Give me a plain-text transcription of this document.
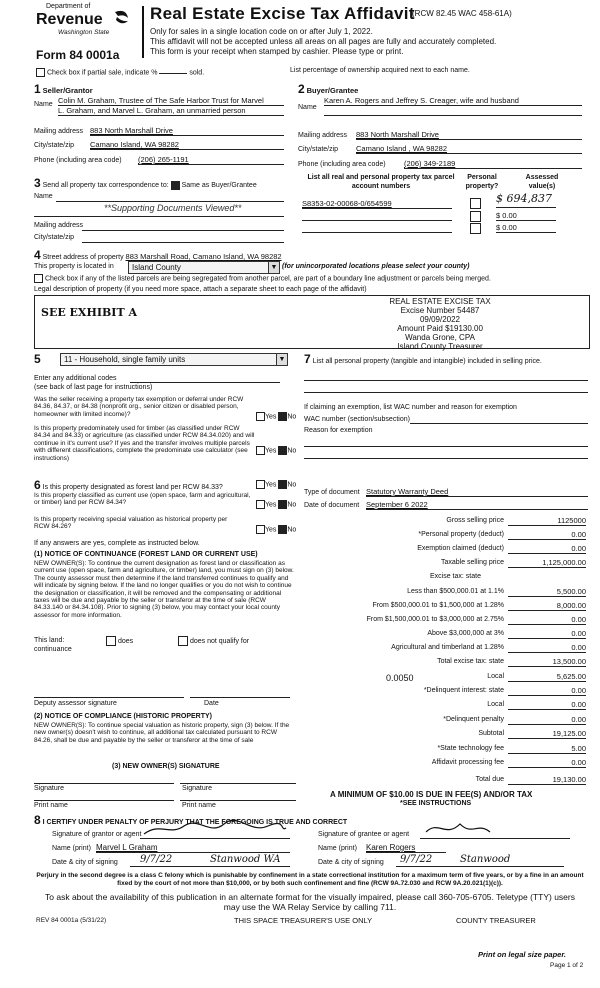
Department of
Revenue
Washington State
Form 84 0001a
Real Estate Excise Tax Affidavit
(RCW 82.45 WAC 458-61A)
Only for sales in a single location code on or after July 1, 2022.
This affidavit will not be accepted unless all areas on all pages are fully and accurately completed.
This form is your receipt when stamped by cashier. Please type or print.
Check box if partial sale, indicate %	sold.	List percentage of ownership acquired next to each name.
1 Seller/Grantor
Name Colin M. Graham, Trustee of The Safe Harbor Trust for Marvel
L. Graham, and Marvel L. Graham, an unmarried person
Mailing address 883 North Marshall Drive
City/state/zip Camano Island, WA 98282
Phone (including area code) (206) 265-1191
2 Buyer/Grantee
Name
Karen A. Rogers and Jeffrey S. Creager, wife and husband
Mailing address 883 North Marshall Drive
City/state/zip Camano Island , WA 98282
Phone (including area code) (206) 349-2189
3 Send all property tax correspondence to: Same as Buyer/Grantee
Name
**Supporting Documents Viewed**
Mailing address
City/state/zip
List all real and personal property tax parcel account numbers
Personal property?
Assessed value(s)
S8353-02-00068-0/654599	$ 694,837
$ 0.00
$ 0.00
4 Street address of property 883 Marshall Road, Camano Island, WA 98282
This property is located in	Island County	▼ (for unincorporated locations please select your county)
Check box if any of the listed parcels are being segregated from another parcel, are part of a boundary line adjustment or parcels being merged.
Legal description of property (if you need more space, attach a separate sheet to each page of the affidavit)
SEE EXHIBIT A
REAL ESTATE EXCISE TAX
Excise Number 54487
09/09/2022
Amount Paid $19130.00
Wanda Grone, CPA
Island County Treasurer
5	11 - Household, single family units	▼
Enter any additional codes
(see back of last page for instructions)
Was the seller receiving a property tax exemption or deferral under RCW 84.36, 84.37, or 84.38 (nonprofit org., senior citizen or disabled person, homeowner with limited income)?	Yes No
Is this property predominately used for timber (as classified under RCW 84.34 and 84.33) or agriculture (as classified under RCW 84.34.020) and will continue in it's current use? If yes and the transfer involves multiple parcels with different classifications, complete the predominate use calculator (see instructions)
Yes No
7 List all personal property (tangible and intangible) included in selling price.
If claiming an exemption, list WAC number and reason for exemption
WAC number (section/subsection)
Reason for exemption
6 Is this property designated as forest land per RCW 84.33?	Yes No
Is this property classified as current use (open space, farm and agricultural, or timber) land per RCW 84.34?	Yes No
Is this property receiving special valuation as historical property per RCW 84.26?	Yes No
If any answers are yes, complete as instructed below.
(1) NOTICE OF CONTINUANCE (FOREST LAND OR CURRENT USE)
NEW OWNER(S): To continue the current designation as forest land or classification as current use (open space, farm and agriculture, or timber) land, you must sign on (3) below. The county assessor must then determine if the land transferred continues to qualify and will indicate by signing below. If the land no longer qualifies or you do not wish to continue the designation or classification, it will be removed and the compensating or additional taxes will be due and payable by the seller or transferor at the time of sale (RCW 84.33.140 or 84.34.108). Prior to signing (3) below, you may contact your local county assessor for more information.
This land:
continuance
does	does not qualify for
Deputy assessor signature	Date
(2) NOTICE OF COMPLIANCE (HISTORIC PROPERTY)
NEW OWNER(S): To continue special valuation as historic property, sign (3) below. If the new owner(s) doesn't wish to continue, all additional tax calculated pursuant to RCW 84.26, shall be due and payable by the seller or transferor at the time of sale
(3) NEW OWNER(S) SIGNATURE
Signature	Signature
Print name	Print name
Type of document Statutory Warranty Deed
Date of document September 6 2022
Gross selling price	1125000
*Personal property (deduct)	0.00
Exemption claimed (deduct)	0.00
Taxable selling price	1,125,000.00
Excise tax: state
Less than $500,000.01 at 1.1%	5,500.00
From $500,000.01 to $1,500,000 at 1.28%	8,000.00
From $1,500,000.01 to $3,000,000 at 2.75%	0.00
Above $3,000,000 at 3%	0.00
Agricultural and timberland at 1.28%	0.00
Total excise tax: state	13,500.00
0.0050	Local	5,625.00
*Delinquent interest: state	0.00
Local	0.00
*Delinquent penalty	0.00
Subtotal	19,125.00
*State technology fee	5.00
Affidavit processing fee	0.00
Total due	19,130.00
A MINIMUM OF $10.00 IS DUE IN FEE(S) AND/OR TAX
*SEE INSTRUCTIONS
8 I CERTIFY UNDER PENALTY OF PERJURY THAT THE FOREGOING IS TRUE AND CORRECT
Signature of grantor or agent
Name (print) Marvel L Graham
Date & city of signing 9/7/22	Stanwood WA
Signature of grantee or agent
Name (print) Karen Rogers
Date & city of signing 9/7/22	Stanwood
Perjury in the second degree is a class C felony which is punishable by confinement in a state correctional institution for a maximum term of five years, or by a fine in an amount fixed by the court of not more than $10,000, or by both such confinement and fine (RCW 9A.72.030 and RCW 9A.20.021(1)(c)).
To ask about the availability of this publication in an alternate format for the visually impaired, please call 360-705-6705. Teletype (TTY) users may use the WA Relay Service by calling 711.
REV 84 0001a (5/31/22)	THIS SPACE TREASURER'S USE ONLY	COUNTY TREASURER
Print on legal size paper.
Page 1 of 2
